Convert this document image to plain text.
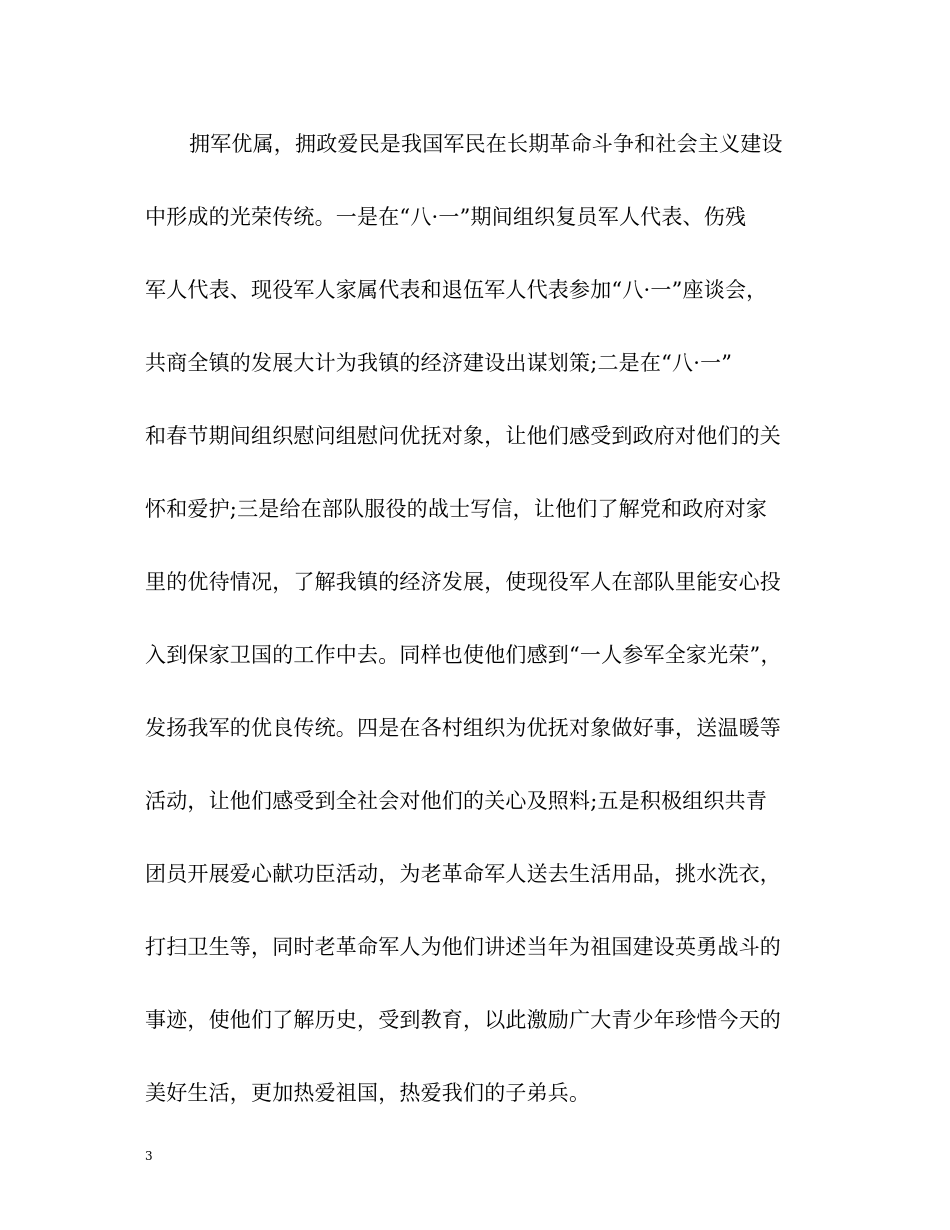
拥军优属，拥政爱民是我国军民在长期革命斗争和社会主义建设
中形成的光荣传统。一是在“八·一”期间组织复员军人代表、伤残
军人代表、现役军人家属代表和退伍军人代表参加“八·一”座谈会，
共商全镇的发展大计为我镇的经济建设出谋划策;二是在“八·一”
和春节期间组织慰问组慰问优抚对象，让他们感受到政府对他们的关
怀和爱护;三是给在部队服役的战士写信，让他们了解党和政府对家
里的优待情况，了解我镇的经济发展，使现役军人在部队里能安心投
入到保家卫国的工作中去。同样也使他们感到“一人参军全家光荣”，
发扬我军的优良传统。四是在各村组织为优抚对象做好事，送温暖等
活动，让他们感受到全社会对他们的关心及照料;五是积极组织共青
团员开展爱心献功臣活动，为老革命军人送去生活用品，挑水洗衣，
打扫卫生等，同时老革命军人为他们讲述当年为祖国建设英勇战斗的
事迹，使他们了解历史，受到教育，以此激励广大青少年珍惜今天的
美好生活，更加热爱祖国，热爱我们的子弟兵。
3
